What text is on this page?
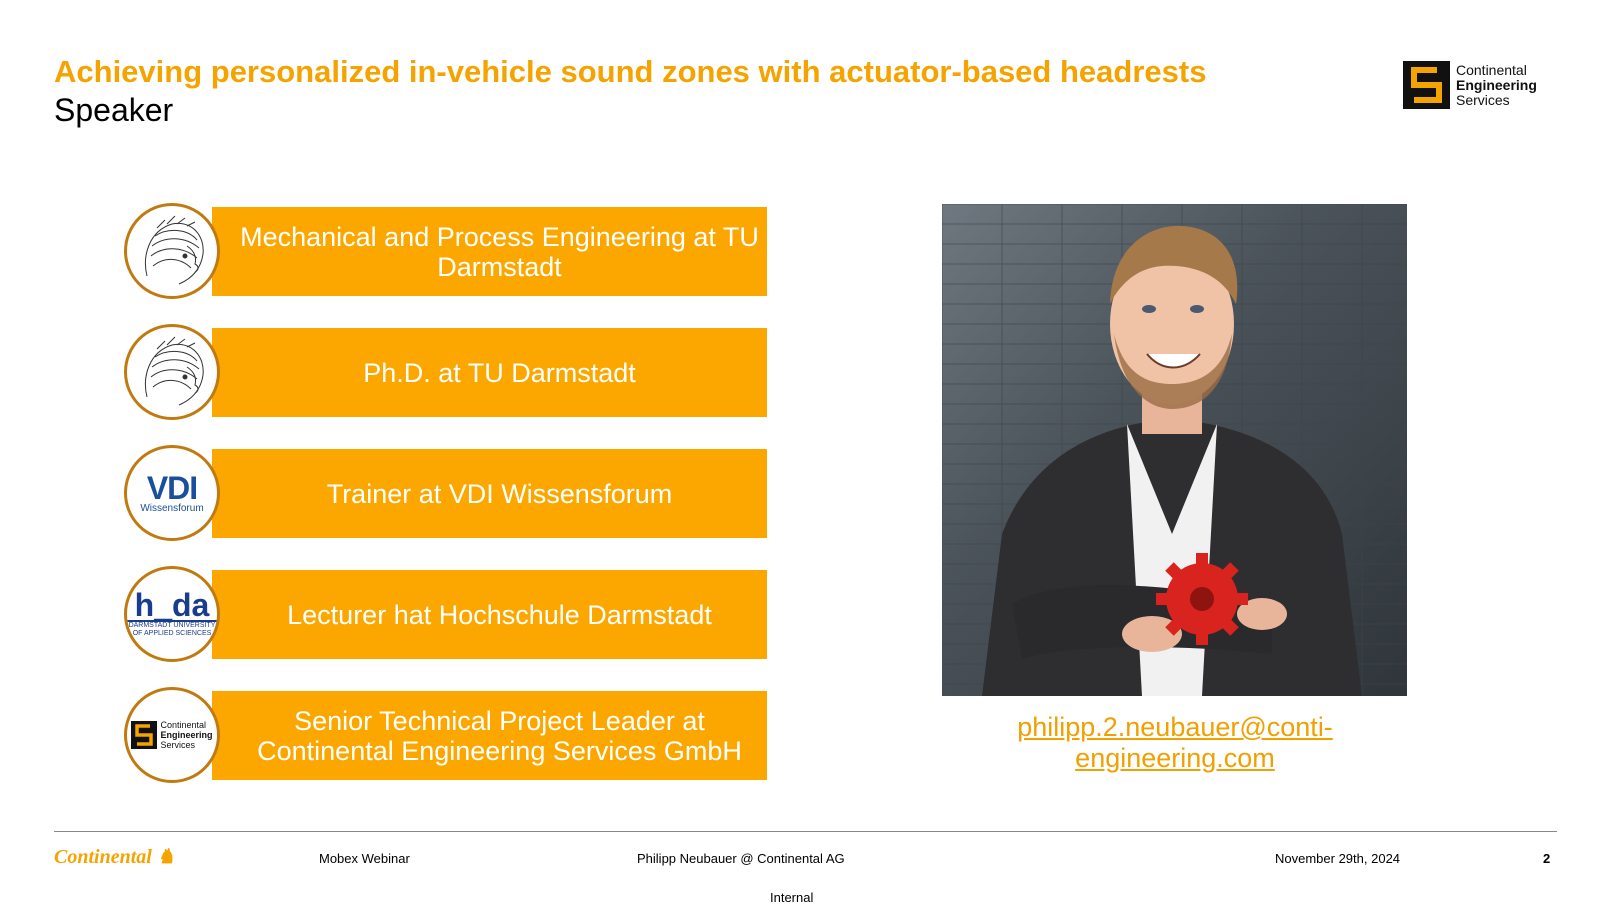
Achieving personalized in-vehicle sound zones with actuator-based headrests
Speaker
Continental
Engineering
Services
Mechanical and Process Engineering at TU Darmstadt
Ph.D. at TU Darmstadt
VDI
Wissensforum	Trainer at VDI Wissensforum
h_da
DARMSTADT UNIVERSITY OF APPLIED SCIENCES
Lecturer hat Hochschule Darmstadt
Continental
Engineering
Services
Senior Technical Project Leader at Continental Engineering Services GmbH
philipp.2.neubauer@conti-engineering.com
Continental ♞	Mobex Webinar	Philipp Neubauer @ Continental AG	November 29th, 2024	2
Internal
